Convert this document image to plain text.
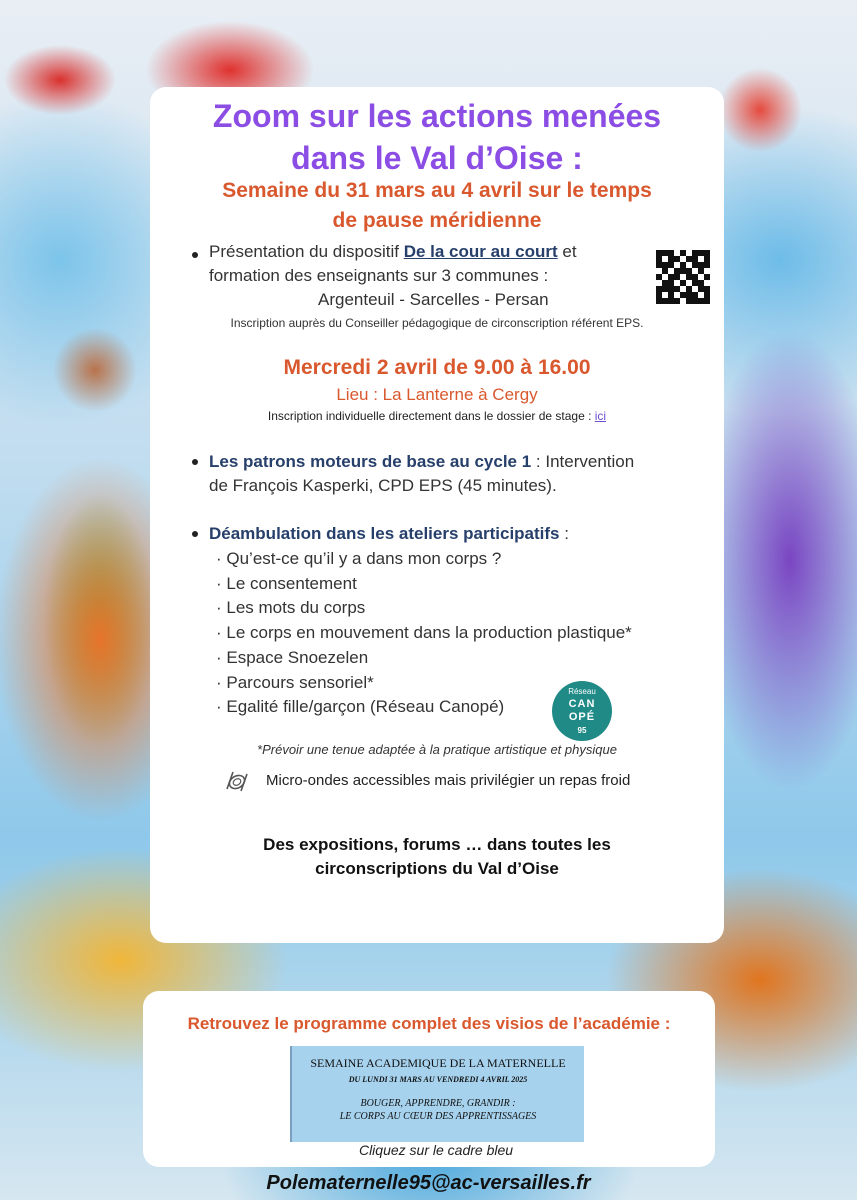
Zoom sur les actions menées
dans le Val d’Oise :
Semaine du 31 mars au 4 avril sur le temps
de pause méridienne
Présentation du dispositif De la cour au court et
formation des enseignants sur 3 communes :
Argenteuil - Sarcelles - Persan
Inscription auprès du Conseiller pédagogique de circonscription référent EPS.
Mercredi 2 avril de 9.00 à 16.00
Lieu : La Lanterne à Cergy
Inscription individuelle directement dans le dossier de stage : ici
Les patrons moteurs de base au cycle 1 : Intervention
de François Kasperki, CPD EPS (45 minutes).
Déambulation dans les ateliers participatifs :
· Qu’est-ce qu’il y a dans mon corps ?
· Le consentement
· Les mots du corps
· Le corps en mouvement dans la production plastique*
· Espace Snoezelen
· Parcours sensoriel*
· Egalité fille/garçon (Réseau Canopé)
Réseau
CAN
OPÉ
95
*Prévoir une tenue adaptée à la pratique artistique et physique
Micro-ondes accessibles mais privilégier un repas froid
Des expositions, forums … dans toutes les
circonscriptions du Val d’Oise
Retrouvez le programme complet des visios de l’académie :
SEMAINE ACADEMIQUE DE LA MATERNELLE
DU LUNDI 31 MARS AU VENDREDI 4 AVRIL 2025
BOUGER, APPRENDRE, GRANDIR :
LE CORPS AU CŒUR DES APPRENTISSAGES
Cliquez sur le cadre bleu
Polematernelle95@ac-versailles.fr
